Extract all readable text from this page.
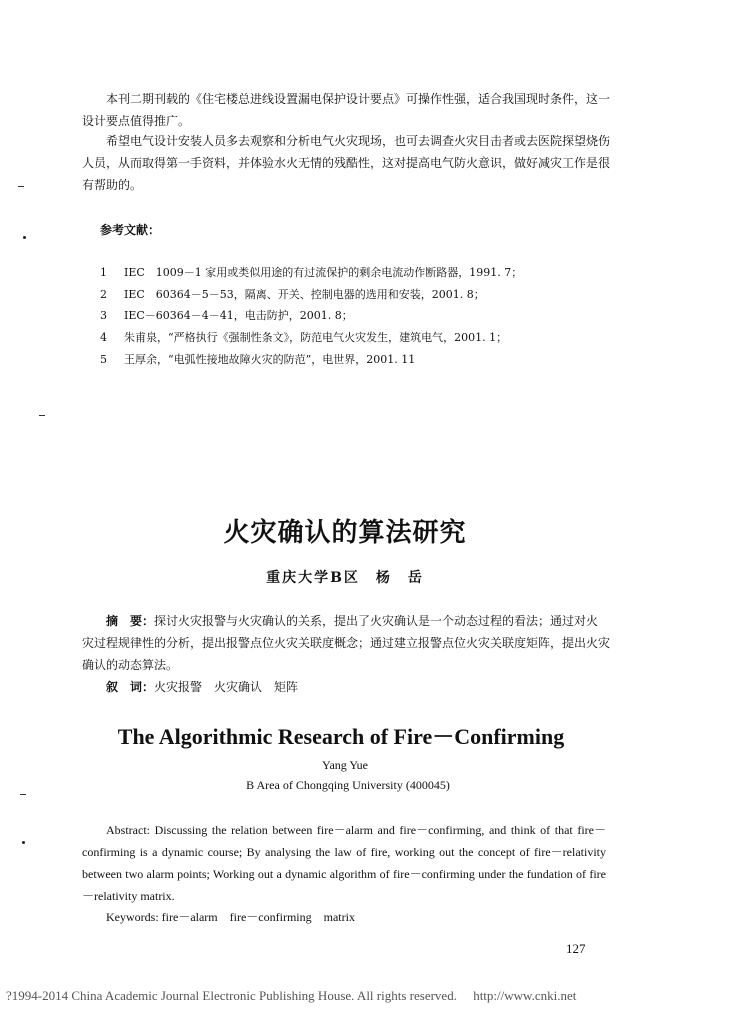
本刊二期刊载的《住宅楼总进线设置漏电保护设计要点》可操作性强，适合我国现时条件，这一设计要点值得推广。

希望电气设计安装人员多去观察和分析电气火灾现场，也可去调查火灾目击者或去医院探望烧伤人员，从而取得第一手资料，并体验水火无情的残酷性，这对提高电气防火意识，做好减灾工作是很有帮助的。

参考文献：
1 IEC　1009－1 家用或类似用途的有过流保护的剩余电流动作断路器，1991. 7；
2 IEC　60364－5－53，隔离、开关、控制电器的选用和安装，2001. 8；
3 IEC－60364－4－41，电击防护，2001. 8；
4 朱甫泉，“严格执行《强制性条文》，防范电气火灾发生，建筑电气，2001. 1；
5 王厚余，“电弧性接地故障火灾的防范”，电世界，2001. 11
火灾确认的算法研究
重庆大学B区　杨　岳

摘　要：探讨火灾报警与火灾确认的关系，提出了火灾确认是一个动态过程的看法；通过对火灾过程规律性的分析，提出报警点位火灾关联度概念；通过建立报警点位火灾关联度矩阵，提出火灾确认的动态算法。

叙　词：火灾报警　火灾确认　矩阵
The Algorithmic Research of Fire－Confirming
Yang Yue
B Area of Chongqing University (400045)

Abstract: Discussing the relation between fire－alarm and fire－confirming, and think of that fire－confirming is a dynamic course; By analysing the law of fire, working out the concept of fire－relativity between two alarm points; Working out a dynamic algorithm of fire－confirming under the fundation of fire－relativity matrix.

Keywords: fire－alarm　fire－confirming　matrix
127
?1994-2014 China Academic Journal Electronic Publishing House. All rights reserved.　 http://www.cnki.net
